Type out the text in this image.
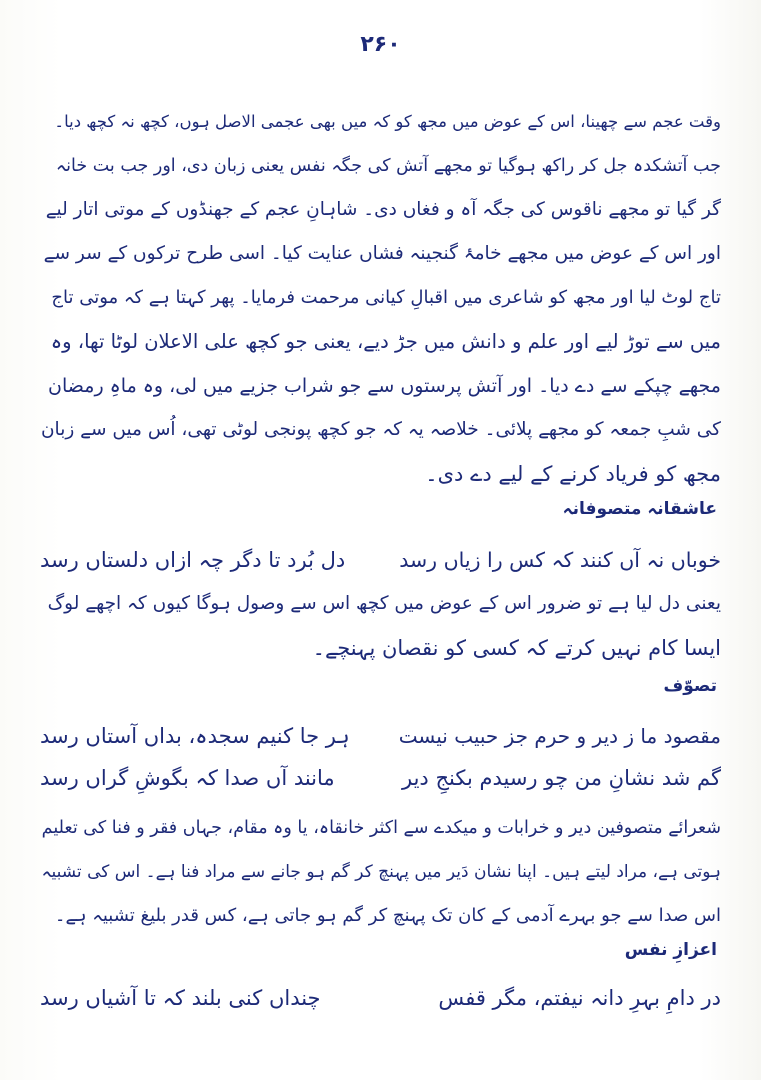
۲۶۰
وقت عجم سے چھینا، اس کے عوض میں مجھ کو کہ میں بھی عجمی الاصل ہوں، کچھ نہ کچھ دیا۔
جب آتشکدہ جل کر راکھ ہوگیا تو مجھے آتش کی جگہ نفس یعنی زبان دی، اور جب بت خانہ
گر گیا تو مجھے ناقوس کی جگہ آہ و فغاں دی۔ شاہانِ عجم کے جھنڈوں کے موتی اتار لیے
اور اس کے عوض میں مجھے خامۂ گنجینہ فشاں عنایت کیا۔ اسی طرح ترکوں کے سر سے
تاج لوٹ لیا اور مجھ کو شاعری میں اقبالِ کیانی مرحمت فرمایا۔ پھر کہتا ہے کہ موتی تاج
میں سے توڑ لیے اور علم و دانش میں جڑ دیے، یعنی جو کچھ علی الاعلان لوٹا تھا، وہ
مجھے چپکے سے دے دیا۔ اور آتش پرستوں سے جو شراب جزیے میں لی، وہ ماہِ رمضان
کی شبِ جمعہ کو مجھے پلائی۔ خلاصہ یہ کہ جو کچھ پونجی لوٹی تھی، اُس میں سے زبان
مجھ کو فریاد کرنے کے لیے دے دی۔
عاشقانہ متصوفانہ
خوباں نہ آں کنند کہ کس را زیاں رسد
دل بُرد تا دگر چہ ازاں دلستاں رسد
یعنی دل لیا ہے تو ضرور اس کے عوض میں کچھ اس سے وصول ہوگا کیوں کہ اچھے لوگ
ایسا کام نہیں کرتے کہ کسی کو نقصان پہنچے۔
تصوّف
مقصود ما ز دیر و حرم جز حبیب نیست
ہر جا کنیم سجدہ، بداں آستاں رسد
گم شد نشانِ من چو رسیدم بکنجِ دیر
مانند آں صدا کہ بگوشِ گراں رسد
شعرائے متصوفین دیر و خرابات و میکدے سے اکثر خانقاہ، یا وہ مقام، جہاں فقر و فنا کی تعلیم
ہوتی ہے، مراد لیتے ہیں۔ اپنا نشان دَیر میں پہنچ کر گم ہو جانے سے مراد فنا ہے۔ اس کی تشبیہ
اس صدا سے جو بہرے آدمی کے کان تک پہنچ کر گم ہو جاتی ہے، کس قدر بلیغ تشبیہ ہے۔
اعزازِ نفس
در دامِ بہرِ دانہ نیفتم، مگر قفس
چنداں کنی بلند کہ تا آشیاں رسد
